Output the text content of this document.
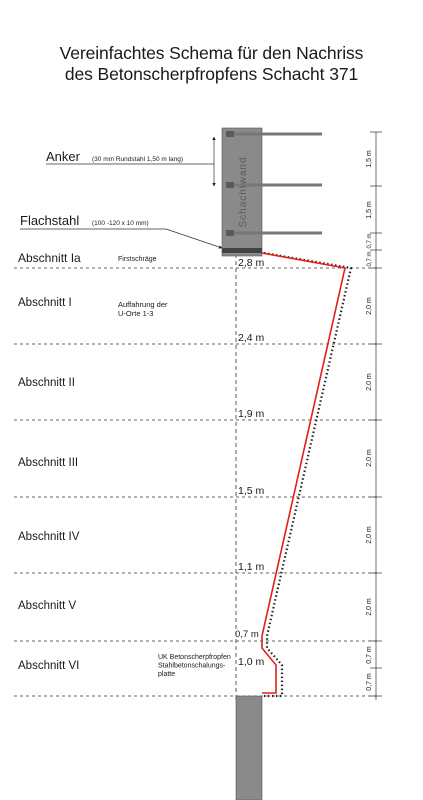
Vereinfachtes Schema für den Nachriss
des Betonscherpfropfens Schacht 371
1,5 m
1,5 m
0,7 m
0,7 m
2,0 m
2,0 m
2,0 m
2,0 m
2,0 m
0,7 m
0,7 m
Schachtwand
Anker (30 mm Rundstahl 1,50 m lang)
Flachstahl (100 -120 x 10 mm)
Abschnitt Ia
Abschnitt I
Abschnitt II
Abschnitt III
Abschnitt IV
Abschnitt V
Abschnitt VI
Firstschräge
Auffahrung der U-Orte 1-3
UK Betonscherpfropfen Stahlbetonschalungs-platte
2,8 m
2,4 m
1,9 m
1,5 m
1,1 m
0,7 m
1,0 m
